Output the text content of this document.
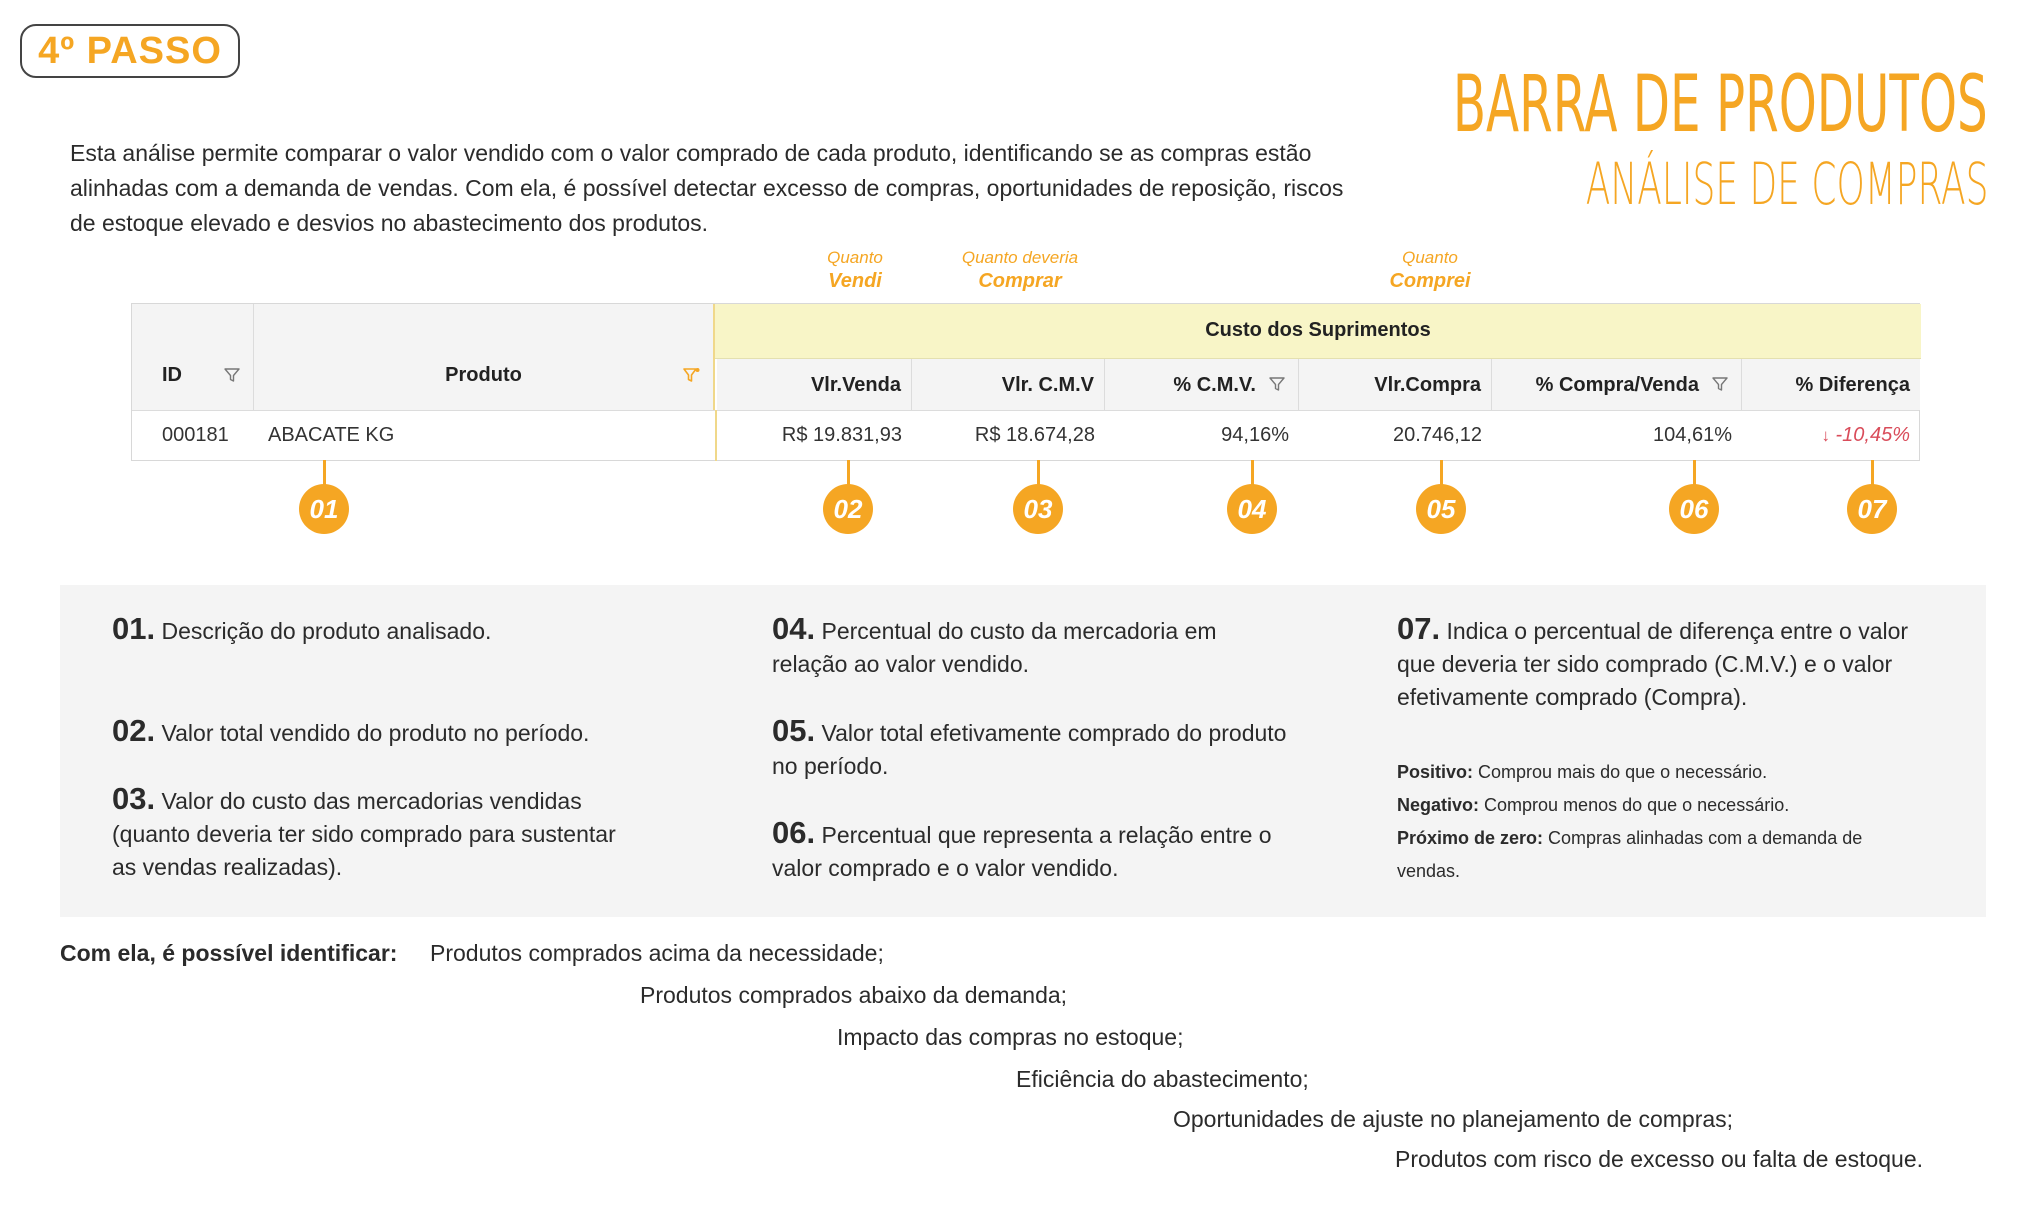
4º PASSO
BARRA DE PRODUTOS
ANÁLISE DE COMPRAS

Esta análise permite comparar o valor vendido com o valor comprado de cada produto, identificando se as compras estão alinhadas com a demanda de vendas. Com ela, é possível detectar excesso de compras, oportunidades de reposição, riscos de estoque elevado e desvios no abastecimento dos produtos.

Quanto
Vendi
Quanto deveria
Comprar
Quanto
Comprei
ID	Produto
Custo dos Suprimentos
Vlr.Venda	Vlr. C.M.V	% C.M.V.	Vlr.Compra	% Compra/Venda	% Diferença
000181 ABACATE KG	R$ 19.831,93	R$ 18.674,28	94,16%	20.746,12	104,61%	↓ -10,45%
01	02	03	04	05	06	07
01. Descrição do produto analisado.
02. Valor total vendido do produto no período.
03. Valor do custo das mercadorias vendidas (quanto deveria ter sido comprado para sustentar as vendas realizadas).
04. Percentual do custo da mercadoria em relação ao valor vendido.
05. Valor total efetivamente comprado do produto no período.
06. Percentual que representa a relação entre o valor comprado e o valor vendido.
07. Indica o percentual de diferença entre o valor que deveria ter sido comprado (C.M.V.) e o valor efetivamente comprado (Compra).
Positivo: Comprou mais do que o necessário.
Negativo: Comprou menos do que o necessário.
Próximo de zero: Compras alinhadas com a demanda de vendas.
Com ela, é possível identificar: Produtos comprados acima da necessidade;
Produtos comprados abaixo da demanda;
Impacto das compras no estoque;
Eficiência do abastecimento;
Oportunidades de ajuste no planejamento de compras;
Produtos com risco de excesso ou falta de estoque.
